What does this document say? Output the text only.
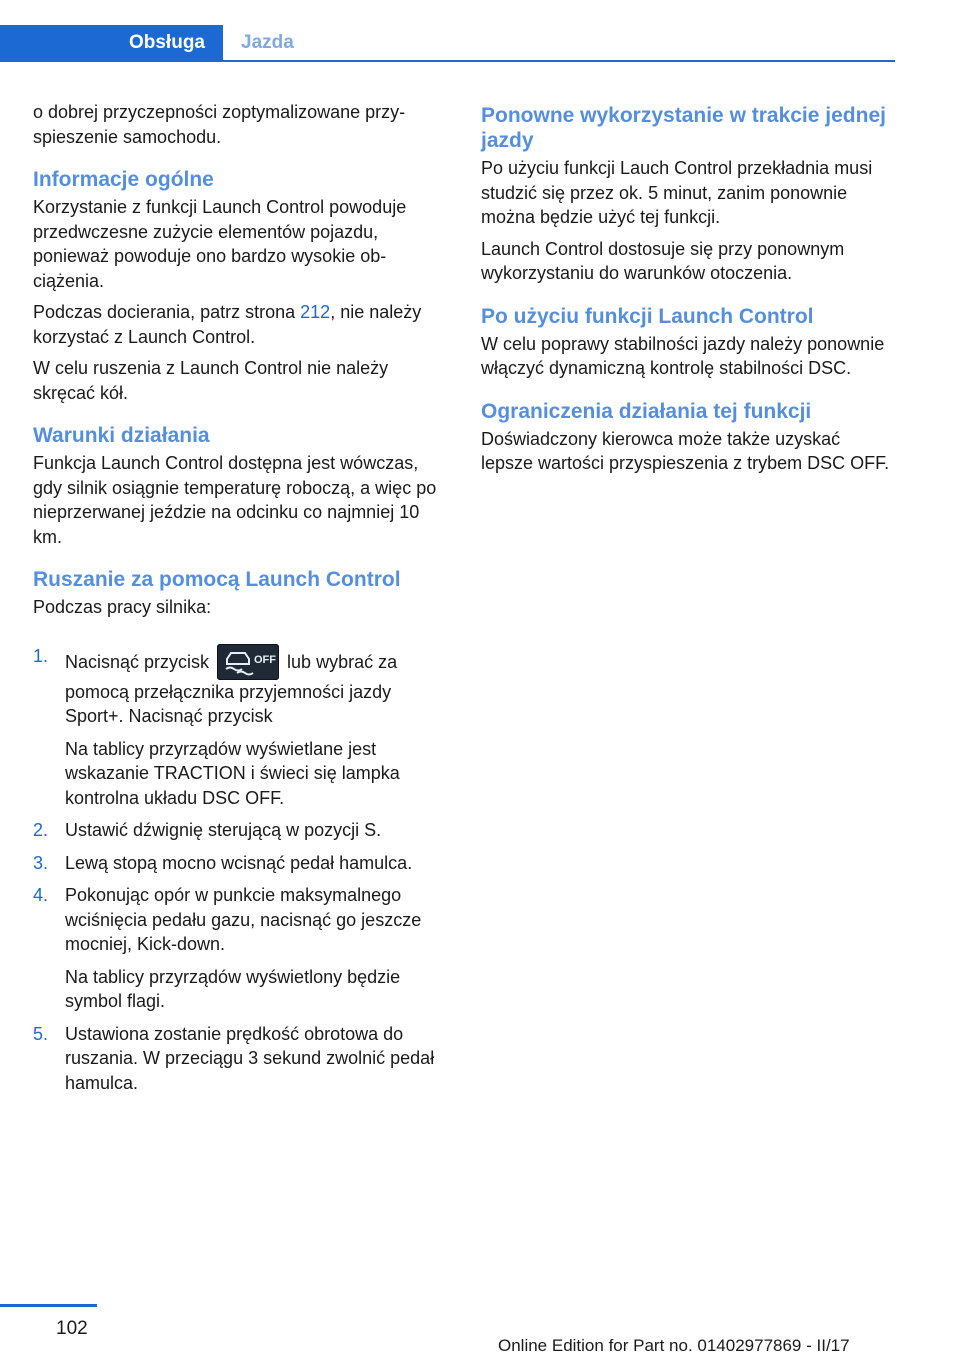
Obsługa	Jazda

o dobrej przyczepności zoptymalizowane przyspieszenie samochodu.

Informacje ogólne

Korzystanie z funkcji Launch Control powoduje przedwczesne zużycie elementów pojazdu, ponieważ powoduje ono bardzo wysokie obciążenia.

Podczas docierania, patrz strona 212, nie należy korzystać z Launch Control.

W celu ruszenia z Launch Control nie należy skręcać kół.

Warunki działania

Funkcja Launch Control dostępna jest wówczas, gdy silnik osiągnie temperaturę roboczą, a więc po nieprzerwanej jeździe na odcinku co najmniej 10 km.

Ruszanie za pomocą Launch Control

Podczas pracy silnika:

1. Nacisnąć przycisk	OFF lub wybrać za pomocą przełącznika przyjemności jazdy Sport+. Nacisnąć przycisk
Na tablicy przyrządów wyświetlane jest wskazanie TRACTION i świeci się lampka kontrolna układu DSC OFF.
2. Ustawić dźwignię sterującą w pozycji S.
3. Lewą stopą mocno wcisnąć pedał hamulca.
4. Pokonując opór w punkcie maksymalnego wciśnięcia pedału gazu, nacisnąć go jeszcze mocniej, Kick-down.
Na tablicy przyrządów wyświetlony będzie symbol flagi.
5. Ustawiona zostanie prędkość obrotowa do ruszania. W przeciągu 3 sekund zwolnić pedał hamulca.
Ponowne wykorzystanie w trakcie jednej jazdy

Po użyciu funkcji Lauch Control przekładnia musi studzić się przez ok. 5 minut, zanim ponownie można będzie użyć tej funkcji.

Launch Control dostosuje się przy ponownym wykorzystaniu do warunków otoczenia.

Po użyciu funkcji Launch Control

W celu poprawy stabilności jazdy należy ponownie włączyć dynamiczną kontrolę stabilności DSC.

Ograniczenia działania tej funkcji

Doświadczony kierowca może także uzyskać lepsze wartości przyspieszenia z trybem DSC OFF.

102
Online Edition for Part no. 01402977869 - II/17
